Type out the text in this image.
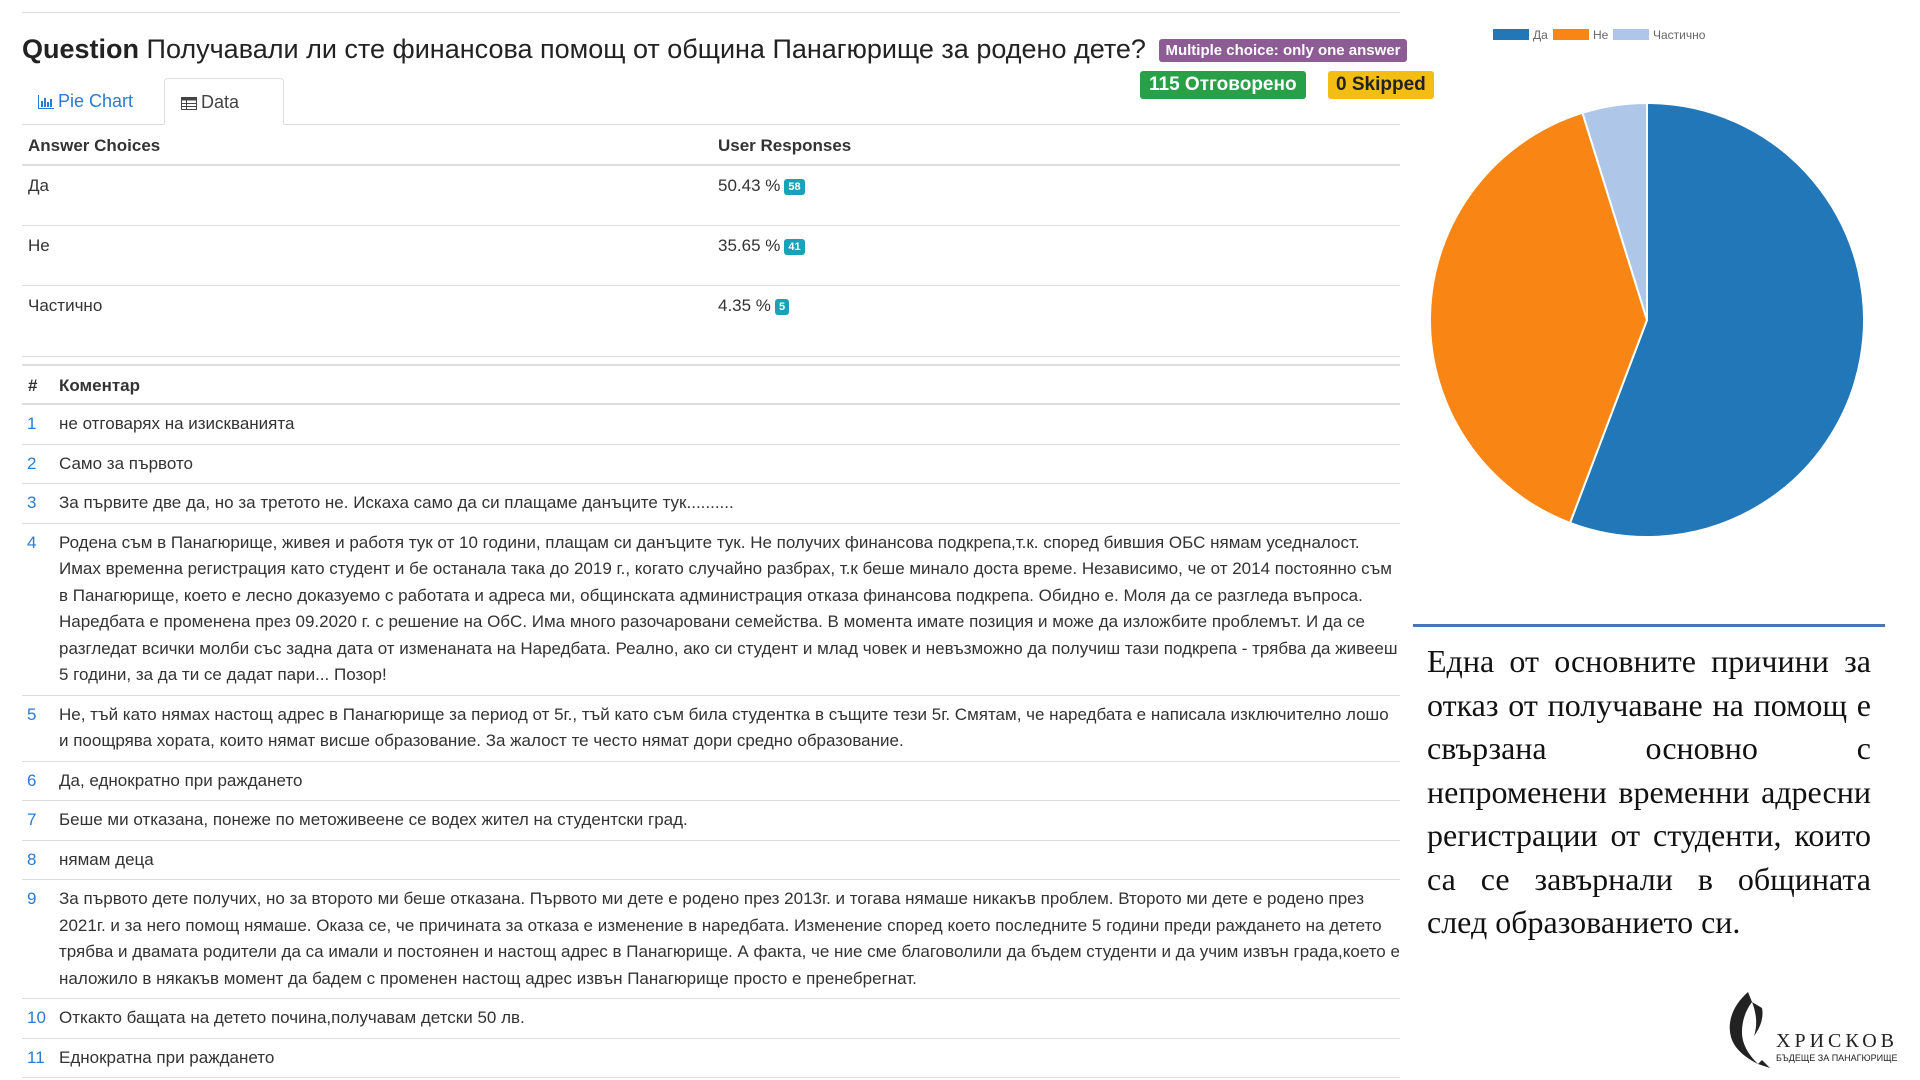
Question Получавали ли сте финансова помощ от община Панагюрище за родено дете? Multiple choice: only one answer
115 Отговорено	0 Skipped
Pie Chart	Data
Answer Choices	User Responses
Да	50.43 % 58
Не	35.65 % 41
Частично	4.35 % 5
# Коментар
1 не отговарях на изискванията
2 Само за първото
3 За първите две да, но за третото не. Искаха само да си плащаме данъците тук..........
4 Родена съм в Панагюрище, живея и работя тук от 10 години, плащам си данъците тук. Не получих финансова подкрепа,т.к. според бившия ОБС нямам уседналост. Имах временна регистрация като студент и бе останала така до 2019 г., когато случайно разбрах, т.к беше минало доста време. Независимо, че от 2014 постоянно съм в Панагюрище, което е лесно доказуемо с работата и адреса ми, общинската администрация отказа финансова подкрепа. Обидно е. Моля да се разгледа въпроса. Наредбата е променена през 09.2020 г. с решение на ОбС. Има много разочаровани семейства. В момента имате позиция и може да изложбите проблемът. И да се разгледат всички молби със задна дата от изменаната на Наредбата. Реално, ако си студент и млад човек и невъзможно да получиш тази подкрепа - трябва да живееш 5 години, за да ти се дадат пари... Позор!
5 Не, тъй като нямах настощ адрес в Панагюрище за период от 5г., тъй като съм била студентка в същите тези 5г. Смятам, че наредбата е написала изключително лошо и поощрява хората, които нямат висше образование. За жалост те често нямат дори средно образование.
6 Да, еднократно при раждането
7 Беше ми отказана, понеже по метоживеене се водех жител на студентски град.
8 нямам деца
9 За първото дете получих, но за второто ми беше отказана. Първото ми дете е родено през 2013г. и тогава нямаше никакъв проблем. Второто ми дете е родено през 2021г. и за него помощ нямаше. Оказа се, че причината за отказа е изменение в наредбата. Изменение според което последните 5 години преди раждането на детето трябва и двамата родители да са имали и постоянен и настощ адрес в Панагюрище. А факта, че ние сме благоволили да бъдем студенти и да учим извън града,което е наложило в някакъв момент да бадем с променен настощ адрес извън Панагюрище просто е пренебрегнат.
10 Откакто бащата на детето почина,получавам детски 50 лв.
11 Еднократна при раждането
Да	Не	Частично
Една от основните причини за отказ от получаване на помощ е свързана основно с непроменени временни адресни регистрации от студенти, които са се завърнали в общината след образованието си.
ХРИСКОВ
БЪДЕЩЕ ЗА ПАНАГЮРИЩЕ
